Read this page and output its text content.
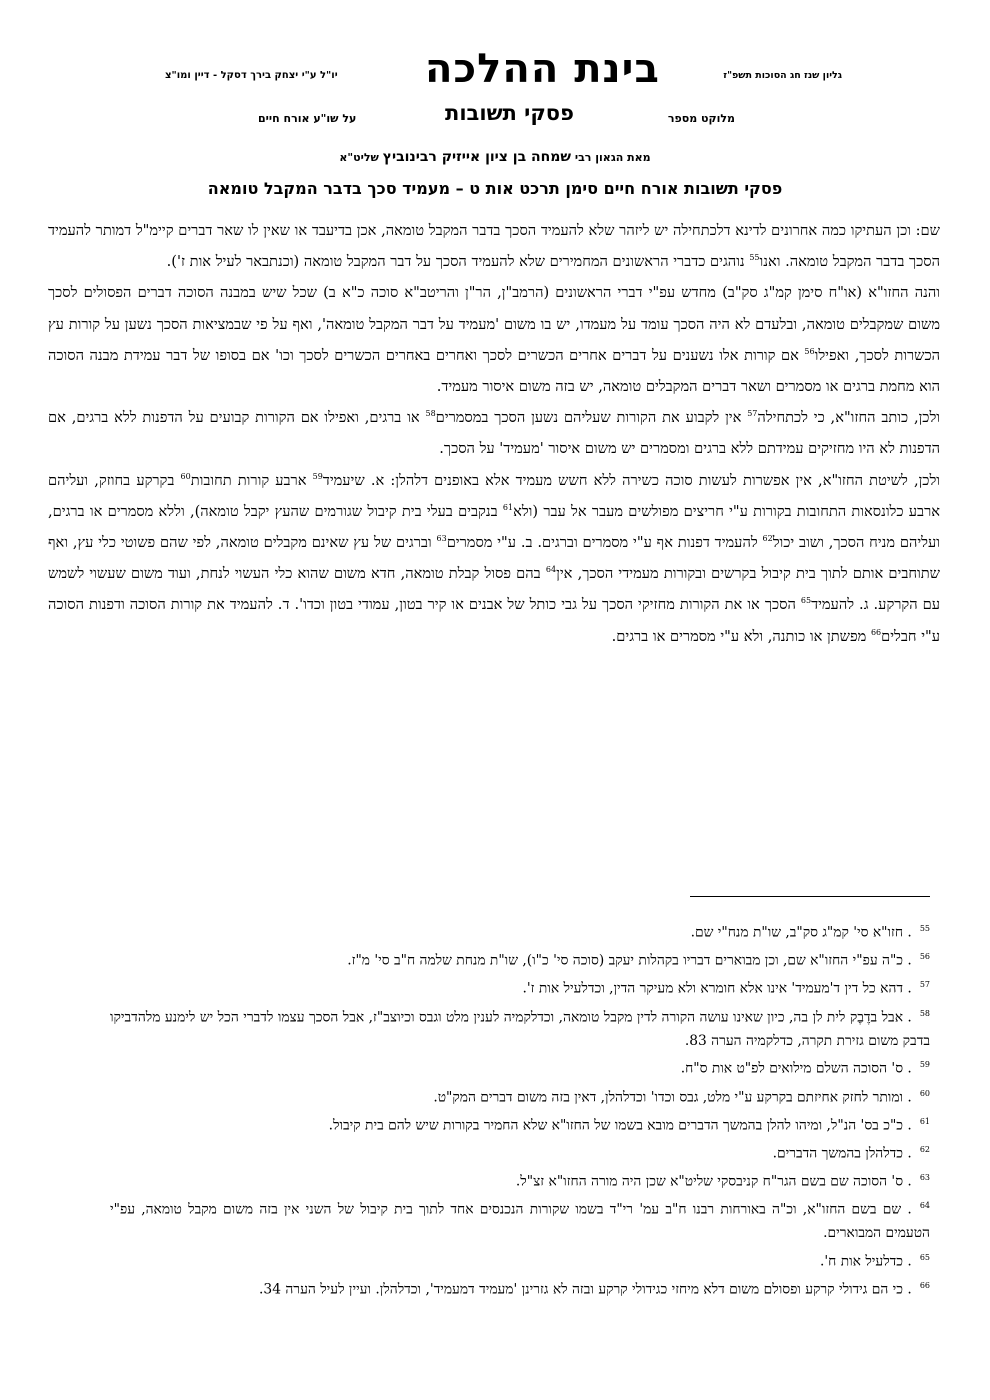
בינת ההלכה	גליון שנז חג הסוכות תשפ"ז
יו"ל ע"י יצחק בירך דסקל - דיין ומו"צ
מלוקט מספר
פסקי תשובות
על שו"ע אורח חיים
מאת הגאון רבי שמחה בן ציון אייזיק רבינוביץ שליט"א
פסקי תשובות אורח חיים סימן תרכט אות ט – מעמיד סכך בדבר המקבל טומאה

שם: וכן העתיקו כמה אחרונים לדינא דלכתחילה יש ליזהר שלא להעמיד הסכך בדבר המקבל טומאה, אכן בדיעבד או שאין לו שאר דברים קיימ"ל דמותר להעמיד הסכך בדבר המקבל טומאה. ואנו$^{55}$ נוהגים כדברי הראשונים המחמירים שלא להעמיד הסכך על דבר המקבל טומאה (וכנתבאר לעיל אות ז').

והנה החזו"א (או"ח סימן קמ"ג סק"ב) מחדש עפ"י דברי הראשונים (הרמב"ן, הר"ן והריטב"א סוכה כ"א ב) שכל שיש במבנה הסוכה דברים הפסולים לסכך משום שמקבלים טומאה, ובלעדם לא היה הסכך עומד על מעמדו, יש בו משום 'מעמיד על דבר המקבל טומאה', ואף על פי שבמציאות הסכך נשען על קורות עץ הכשרות לסכך, ואפילו$^{56}$ אם קורות אלו נשענים על דברים אחרים הכשרים לסכך ואחרים באחרים הכשרים לסכך וכו' אם בסופו של דבר עמידת מבנה הסוכה הוא מחמת ברגים או מסמרים ושאר דברים המקבלים טומאה, יש בזה משום איסור מעמיד.

ולכן, כותב החזו"א, כי לכתחילה$^{57}$ אין לקבוע את הקורות שעליהם נשען הסכך במסמרים$^{58}$ או ברגים, ואפילו אם הקורות קבועים על הדפנות ללא ברגים, אם הדפנות לא היו מחזיקים עמידתם ללא ברגים ומסמרים יש משום איסור 'מעמיד' על הסכך.

ולכן, לשיטת החזו"א, אין אפשרות לעשות סוכה כשירה ללא חשש מעמיד אלא באופנים דלהלן: א. שיעמיד$^{59}$ ארבע קורות תחובות$^{60}$ בקרקע בחוזק, ועליהם ארבע כלונסאות התחובות בקורות ע"י חריצים מפולשים מעבר אל עבר (ולא$^{61}$ בנקבים בעלי בית קיבול שגורמים שהעץ יקבל טומאה), וללא מסמרים או ברגים, ועליהם מניח הסכך, ושוב יכול$^{62}$ להעמיד דפנות אף ע"י מסמרים וברגים. ב. ע"י מסמרים$^{63}$ וברגים של עץ שאינם מקבלים טומאה, לפי שהם פשוטי כלי עץ, ואף שתוחבים אותם לתוך בית קיבול בקרשים ובקורות מעמידי הסכך, אין$^{64}$ בהם פסול קבלת טומאה, חדא משום שהוא כלי העשוי לנחת, ועוד משום שעשוי לשמש עם הקרקע. ג. להעמיד$^{65}$ הסכך או את הקורות מחזיקי הסכך על גבי כותל של אבנים או קיר בטון, עמודי בטון וכדו'. ד. להעמיד את קורות הסוכה ודפנות הסוכה ע"י חבלים$^{66}$ מפשתן או כותנה, ולא ע"י מסמרים או ברגים.

$^{55}$. חזו"א סי' קמ"ג סק"ב, שו"ת מנח"י שם.

$^{56}$. כ"ה עפ"י החזו"א שם, וכן מבוארים דבריו בקהלות יעקב (סוכה סי' כ"ו), שו"ת מנחת שלמה ח"ב סי' מ"ז.

$^{57}$. דהא כל דין ד'מעמיד' אינו אלא חומרא ולא מעיקר הדין, וכדלעיל אות ז'.

$^{58}$. אבל בדֶבֶק לית לן בה, כיון שאינו עושה הקורה לדין מקבל טומאה, וכדלקמיה לענין מלט וגבס וכיוצב"ז, אבל הסכך עצמו לדברי הכל יש לימנע מלהדביקו בדבק משום גזירת תקרה, כדלקמיה הערה 83.

$^{59}$. ס' הסוכה השלם מילואים לפ"ט אות ס"ח.

$^{60}$. ומותר לחזק אחיזתם בקרקע ע"י מלט, גבס וכדו' וכדלהלן, דאין בזה משום דברים המק"ט.

$^{61}$. כ"כ בס' הנ"ל, ומיהו להלן בהמשך הדברים מובא בשמו של החזו"א שלא החמיר בקורות שיש להם בית קיבול.

$^{62}$. כדלהלן בהמשך הדברים.

$^{63}$. ס' הסוכה שם בשם הגר"ח קניבסקי שליט"א שכן היה מורה החזו"א זצ"ל.

$^{64}$. שם בשם החזו"א, וכ"ה באורחות רבנו ח"ב עמ' רי"ד בשמו שקורות הנכנסים אחד לתוך בית קיבול של השני אין בזה משום מקבל טומאה, עפ"י הטעמים המבוארים.

$^{65}$. כדלעיל אות ח'.

$^{66}$. כי הם גידולי קרקע ופסולם משום דלא מיחזי כגידולי קרקע ובזה לא גזרינן 'מעמיד דמעמיד', וכדלהלן. ועיין לעיל הערה 34.
